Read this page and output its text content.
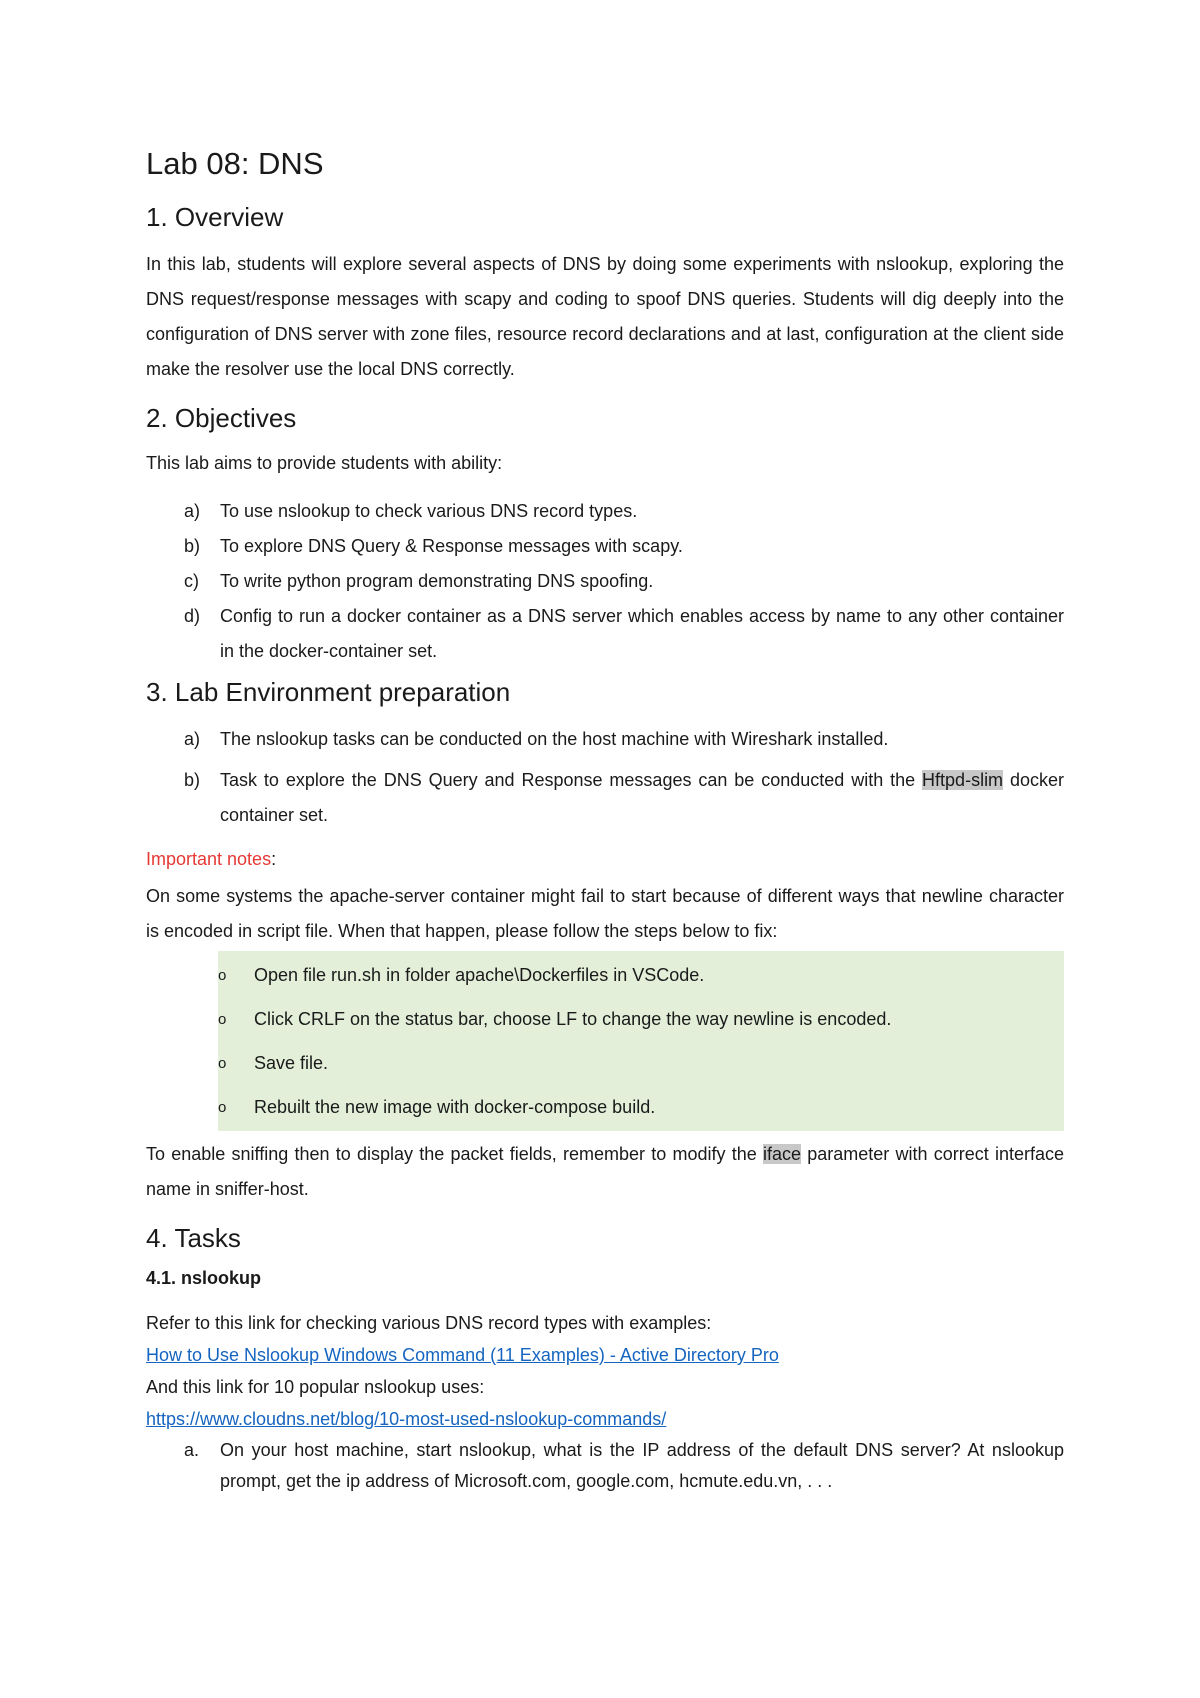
Lab 08: DNS
1. Overview

In this lab, students will explore several aspects of DNS by doing some experiments with nslookup, exploring the DNS request/response messages with scapy and coding to spoof DNS queries. Students will dig deeply into the configuration of DNS server with zone files, resource record declarations and at last, configuration at the client side make the resolver use the local DNS correctly.

2. Objectives

This lab aims to provide students with ability:

a) To use nslookup to check various DNS record types.
b) To explore DNS Query & Response messages with scapy.
c) To write python program demonstrating DNS spoofing.
d) Config to run a docker container as a DNS server which enables access by name to any other container in the docker-container set.
3. Lab Environment preparation
a) The nslookup tasks can be conducted on the host machine with Wireshark installed.
b) Task to explore the DNS Query and Response messages can be conducted with the Hftpd-slim docker container set.

Important notes:

On some systems the apache-server container might fail to start because of different ways that newline character is encoded in script file. When that happen, please follow the steps below to fix:

o Open file run.sh in folder apache\Dockerfiles in VSCode.
o Click CRLF on the status bar, choose LF to change the way newline is encoded.
o Save file.
o Rebuilt the new image with docker-compose build.

To enable sniffing then to display the packet fields, remember to modify the iface parameter with correct interface name in sniffer-host.

4. Tasks
4.1. nslookup

Refer to this link for checking various DNS record types with examples:

How to Use Nslookup Windows Command (11 Examples) - Active Directory Pro

And this link for 10 popular nslookup uses:

https://www.cloudns.net/blog/10-most-used-nslookup-commands/

a. On your host machine, start nslookup, what is the IP address of the default DNS server? At nslookup prompt, get the ip address of Microsoft.com, google.com, hcmute.edu.vn, . . .
